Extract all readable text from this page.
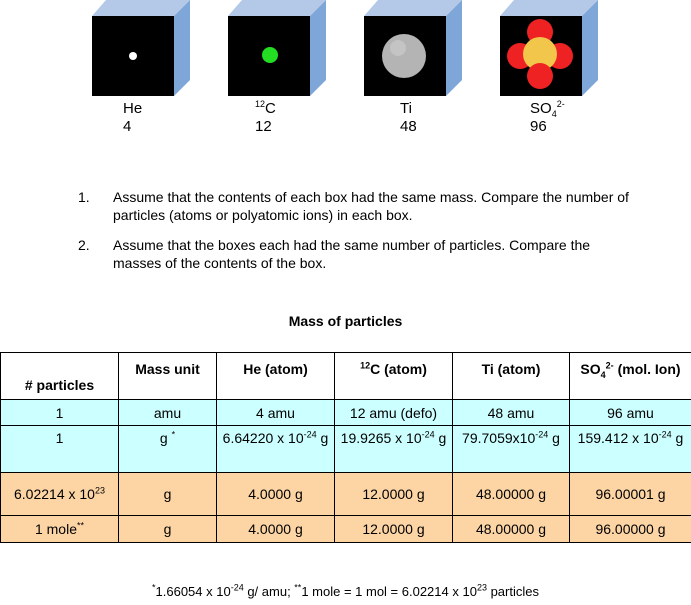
He
4
$^{12}$C
12
Ti
48
$SO_4^{2-}$
96
1. Assume that the contents of each box had the same mass. Compare the number of particles (atoms or polyatomic ions) in each box.
2. Assume that the boxes each had the same number of particles. Compare the masses of the contents of the box.
Mass of particles
# particles	Mass unit	He (atom)	$^{12}$C (atom)	Ti (atom)	$SO_4^{2-}$ (mol. Ion)
1	amu	4 amu	12 amu (defo)	48 amu	96 amu
1	g *	6.64220 x $10^{-24}$ g	19.9265 x $10^{-24}$ g	$79.7059x10^{-24}$ g	159.412 x $10^{-24}$ g
6.02214 x $10^{23}$	g	4.0000 g	12.0000 g	48.00000 g	96.00001 g
1 mole**	g	4.0000 g	12.0000 g	48.00000 g	96.00000 g
*1.66054 x $10^{-24}$ g/ amu; **1 mole = 1 mol = 6.02214 x $10^{23}$ particles
